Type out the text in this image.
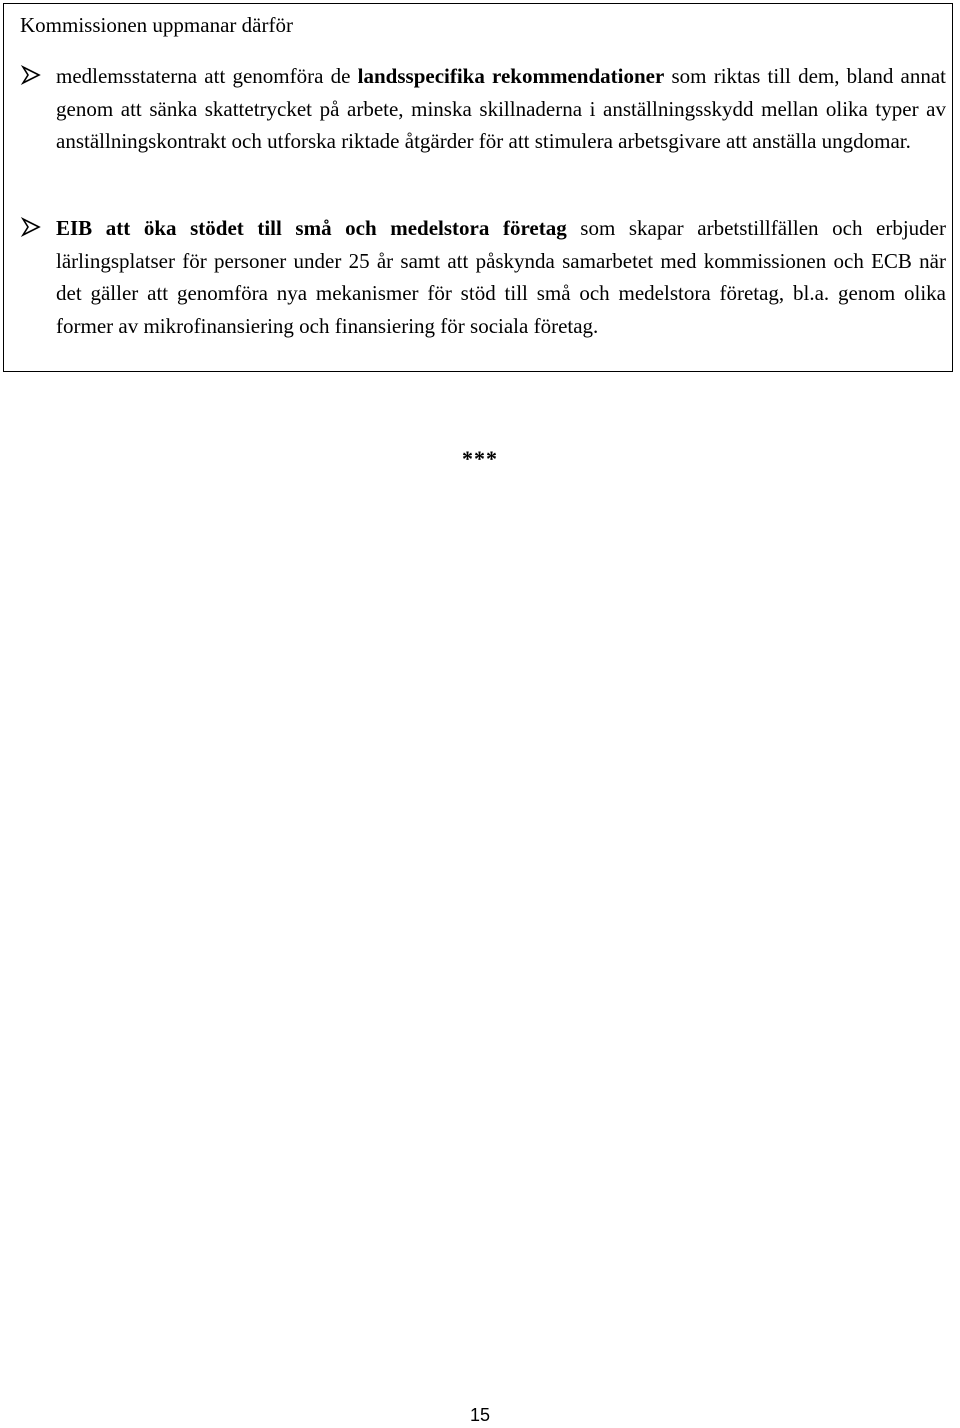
Kommissionen uppmanar därför

medlemsstaterna att genomföra de landsspecifika rekommendationer som riktas till dem, bland annat genom att sänka skattetrycket på arbete, minska skillnaderna i anställningsskydd mellan olika typer av anställningskontrakt och utforska riktade åtgärder för att stimulera arbetsgivare att anställa ungdomar.

EIB att öka stödet till små och medelstora företag som skapar arbetstillfällen och erbjuder lärlingsplatser för personer under 25 år samt att påskynda samarbetet med kommissionen och ECB när det gäller att genomföra nya mekanismer för stöd till små och medelstora företag, bl.a. genom olika former av mikrofinansiering och finansiering för sociala företag.

***
15
